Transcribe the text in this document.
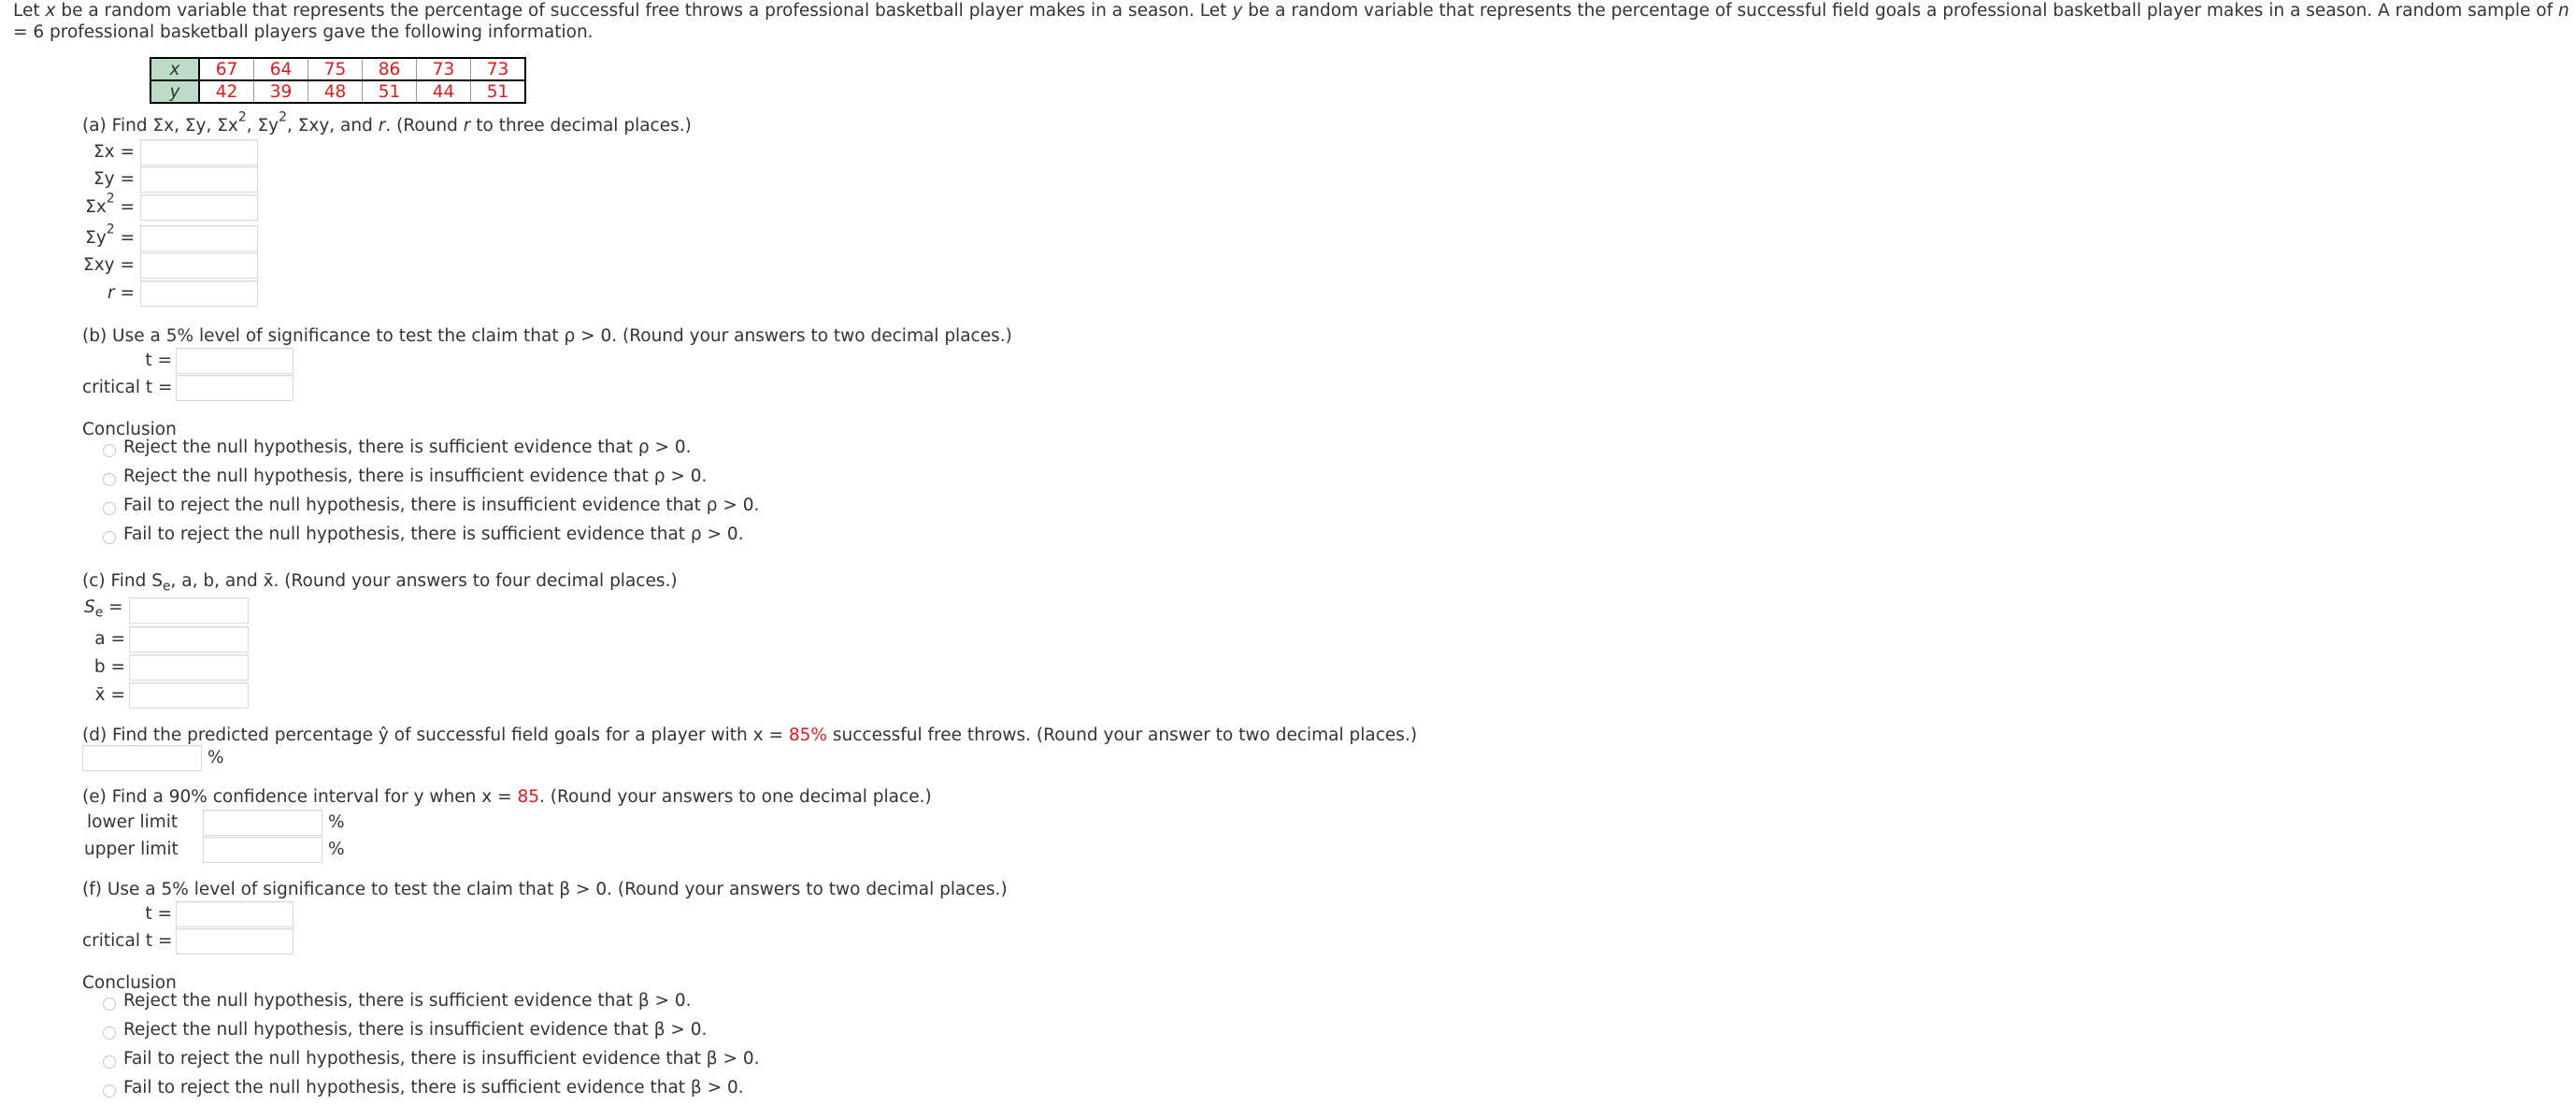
Let x be a random variable that represents the percentage of successful free throws a professional basketball player makes in a season. Let y be a random variable that represents the percentage of successful field goals a professional basketball player makes in a season. A random sample of n = 6 professional basketball players gave the following information.
x	67	64	75	86	73	73
y	42	39	48	51	44	51
(a) Find Σx, Σy, $\Sigma x^2$, $\Sigma y^2$, Σxy, and r. (Round r to three decimal places.)
Σx =
Σy =
$\Sigma x^2$ =
$\Sigma y^2$ =
Σxy =
r =
(b) Use a 5% level of significance to test the claim that ρ > 0. (Round your answers to two decimal places.)
t =
critical t =
Conclusion
Reject the null hypothesis, there is sufficient evidence that ρ > 0.
Reject the null hypothesis, there is insufficient evidence that ρ > 0.
Fail to reject the null hypothesis, there is insufficient evidence that ρ > 0.
Fail to reject the null hypothesis, there is sufficient evidence that ρ > 0.
(c) Find $S_e$, a, b, and x̄. (Round your answers to four decimal places.)
$S_e$ =
a =
b =
x̄ =
(d) Find the predicted percentage ŷ of successful field goals for a player with x = 85% successful free throws. (Round your answer to two decimal places.)
%
(e) Find a 90% confidence interval for y when x = 85. (Round your answers to one decimal place.)
lower limit	%
upper limit	%
(f) Use a 5% level of significance to test the claim that β > 0. (Round your answers to two decimal places.)
t =
critical t =
Conclusion
Reject the null hypothesis, there is sufficient evidence that β > 0.
Reject the null hypothesis, there is insufficient evidence that β > 0.
Fail to reject the null hypothesis, there is insufficient evidence that β > 0.
Fail to reject the null hypothesis, there is sufficient evidence that β > 0.
